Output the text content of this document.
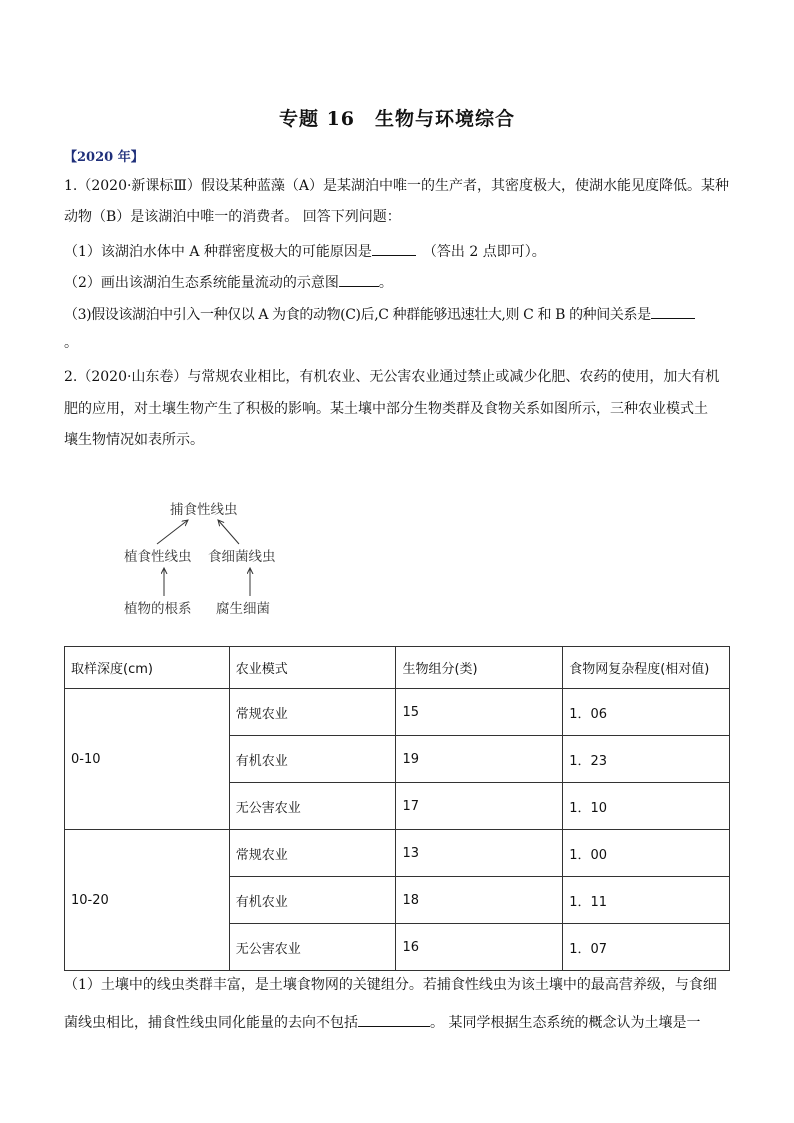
专题 16　生物与环境综合
【2020 年】

1.（2020·新课标Ⅲ）假设某种蓝藻（A）是某湖泊中唯一的生产者，其密度极大，使湖水能见度降低。某种

动物（B）是该湖泊中唯一的消费者。 回答下列问题：

（1）该湖泊水体中 A 种群密度极大的可能原因是	　（答出 2 点即可）。

（2）画出该湖泊生态系统能量流动的示意图	。

（3)假设该湖泊中引入一种仅以 A 为食的动物(C)后,C 种群能够迅速壮大,则 C 和 B 的种间关系是

。

2.（2020·山东卷）与常规农业相比，有机农业、无公害农业通过禁止或减少化肥、农药的使用，加大有机

肥的应用，对土壤生物产生了积极的影响。某土壤中部分生物类群及食物关系如图所示，三种农业模式土

壤生物情况如表所示。

捕食性线虫
植食性线虫 食细菌线虫
植物的根系 腐生细菌
取样深度(cm)	农业模式	生物组分(类)	食物网复杂程度(相对值)
0-10	常规农业	15	1．06
	有机农业	19	1．23
	无公害农业	17	1．10
10-20	常规农业	13	1．00
	有机农业	18	1．11
	无公害农业	16	1．07

（1）土壤中的线虫类群丰富，是土壤食物网的关键组分。若捕食性线虫为该土壤中的最高营养级，与食细

菌线虫相比，捕食性线虫同化能量的去向不包括	。 某同学根据生态系统的概念认为土壤是一
